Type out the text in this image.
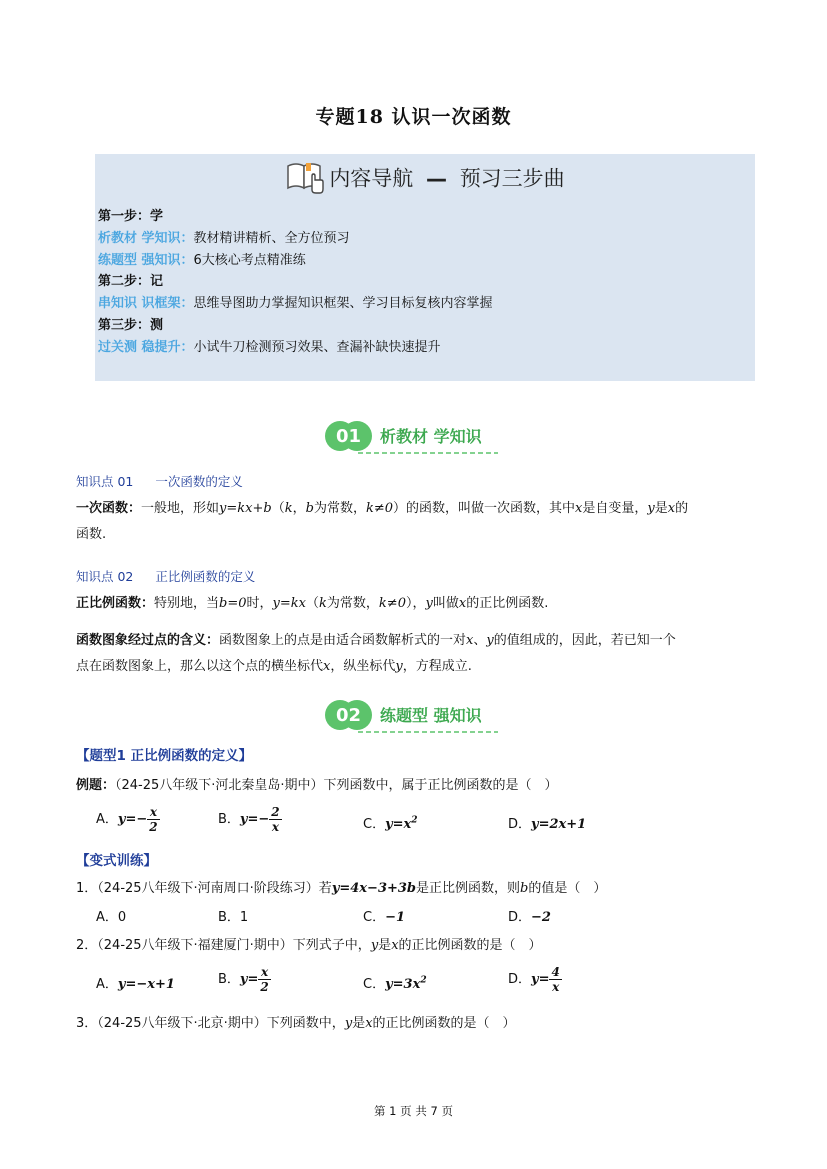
专题18 认识一次函数
内容导航 — 预习三步曲
第一步：学
析教材 学知识：教材精讲精析、全方位预习
练题型 强知识：6大核心考点精准练
第二步：记
串知识 识框架：思维导图助力掌握知识框架、学习目标复核内容掌握
第三步：测
过关测 稳提升：小试牛刀检测预习效果、查漏补缺快速提升
01 析教材 学知识
知识点 01 一次函数的定义
一次函数：一般地，形如y=kx+b（k，b为常数，k≠0）的函数，叫做一次函数，其中x是自变量，y是x的
函数.
知识点 02 正比例函数的定义
正比例函数：特别地，当b=0时，y=kx（k为常数，k≠0），y叫做x的正比例函数.
函数图象经过点的含义：函数图象上的点是由适合函数解析式的一对x、y的值组成的，因此，若已知一个
点在函数图象上，那么以这个点的横坐标代x，纵坐标代y，方程成立.
02 练题型 强知识
【题型1 正比例函数的定义】
例题：（24-25八年级下·河北秦皇岛·期中）下列函数中，属于正比例函数的是（　）
A．$y=- \frac{x}{2}$	B．$y=- \frac{2}{x}$	C．$y=x^2$	D．y=2x+1
【变式训练】
1．（24-25八年级下·河南周口·阶段练习）若y=4x−3+3b是正比例函数，则b的值是（　）
A．0	B．1	C．−1	D．−2
2．（24-25八年级下·福建厦门·期中）下列式子中，y是x的正比例函数的是（　）
A．y=−x+1	B．$y= \frac{x}{2}$	C．$y=3x^2$	D．$y= \frac{4}{x}$
3．（24-25八年级下·北京·期中）下列函数中，y是x的正比例函数的是（　）
第 1 页 共 7 页
